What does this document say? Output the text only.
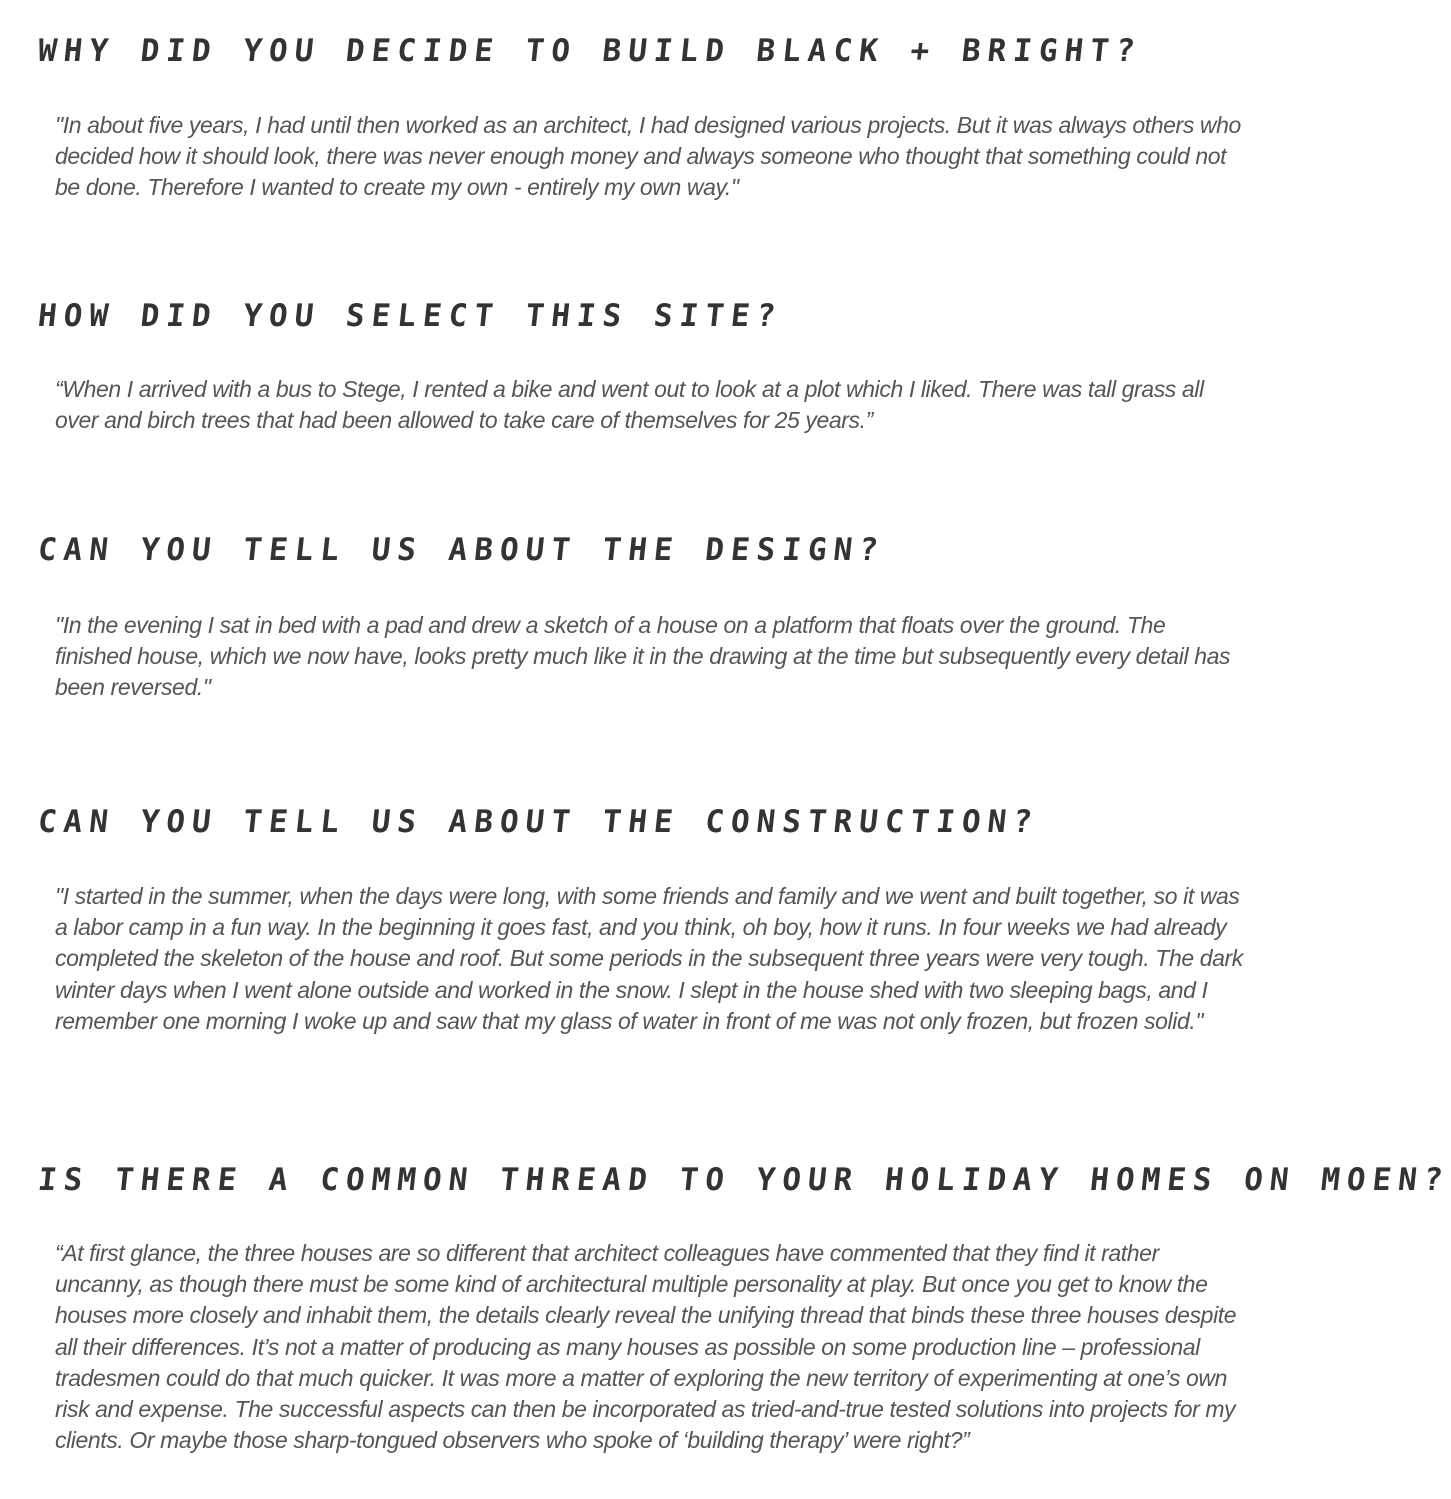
WHY DID YOU DECIDE TO BUILD BLACK + BRIGHT?

"In about five years, I had until then worked as an architect, I had designed various projects. But it was always others who decided how it should look, there was never enough money and always someone who thought that something could not be done. Therefore I wanted to create my own - entirely my own way."

HOW DID YOU SELECT THIS SITE?

“When I arrived with a bus to Stege, I rented a bike and went out to look at a plot which I liked. There was tall grass all over and birch trees that had been allowed to take care of themselves for 25 years.”

CAN YOU TELL US ABOUT THE DESIGN?

"In the evening I sat in bed with a pad and drew a sketch of a house on a platform that floats over the ground. The finished house, which we now have, looks pretty much like it in the drawing at the time but subsequently every detail has been reversed."

CAN YOU TELL US ABOUT THE CONSTRUCTION?

"I started in the summer, when the days were long, with some friends and family and we went and built together, so it was a labor camp in a fun way. In the beginning it goes fast, and you think, oh boy, how it runs. In four weeks we had already completed the skeleton of the house and roof. But some periods in the subsequent three years were very tough. The dark winter days when I went alone outside and worked in the snow. I slept in the house shed with two sleeping bags, and I remember one morning I woke up and saw that my glass of water in front of me was not only frozen, but frozen solid."

IS THERE A COMMON THREAD TO YOUR HOLIDAY HOMES ON MOEN?

“At first glance, the three houses are so different that architect colleagues have commented that they find it rather uncanny, as though there must be some kind of architectural multiple personality at play. But once you get to know the houses more closely and inhabit them, the details clearly reveal the unifying thread that binds these three houses despite all their differences. It’s not a matter of producing as many houses as possible on some production line – professional tradesmen could do that much quicker. It was more a matter of exploring the new territory of experimenting at one’s own risk and expense. The successful aspects can then be incorporated as tried-and-true tested solutions into projects for my clients. Or maybe those sharp-tongued observers who spoke of ‘building therapy’ were right?”
